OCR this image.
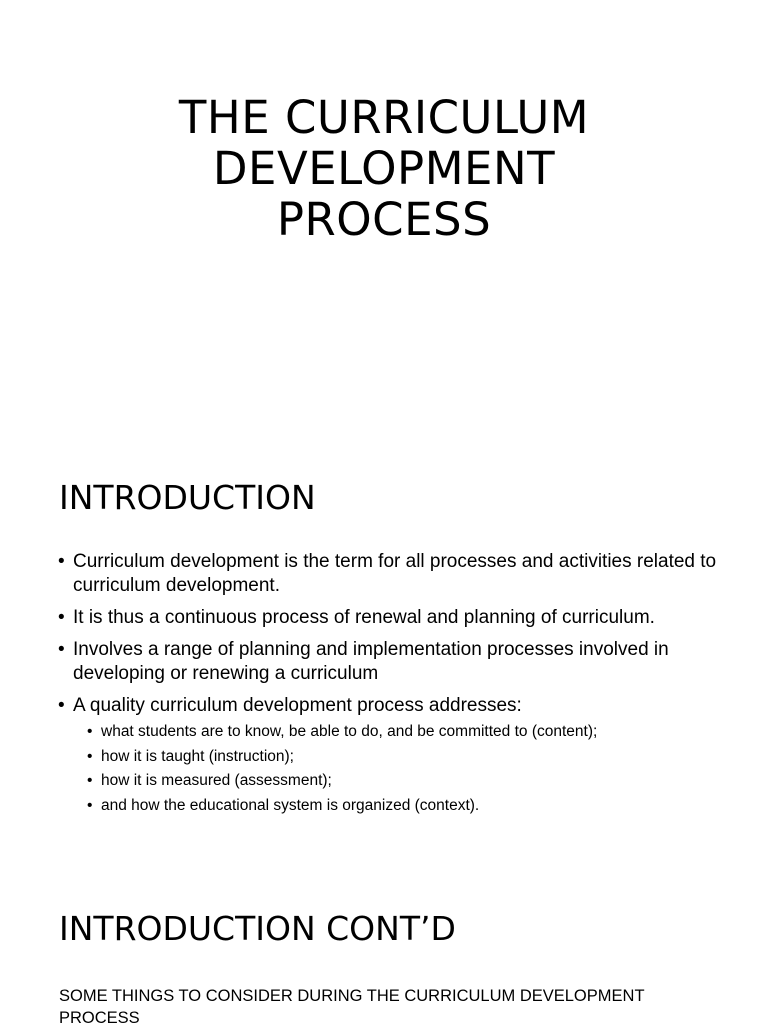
THE CURRICULUM
DEVELOPMENT
PROCESS
INTRODUCTION
• Curriculum development is the term for all processes and activities related to curriculum development.
• It is thus a continuous process of renewal and planning of curriculum.
• Involves a range of planning and implementation processes involved in developing or renewing a curriculum
• A quality curriculum development process addresses:
• what students are to know, be able to do, and be committed to (content);
• how it is taught (instruction);
• how it is measured (assessment);
• and how the educational system is organized (context).
INTRODUCTION CONT’D

SOME THINGS TO CONSIDER DURING THE CURRICULUM DEVELOPMENT PROCESS
